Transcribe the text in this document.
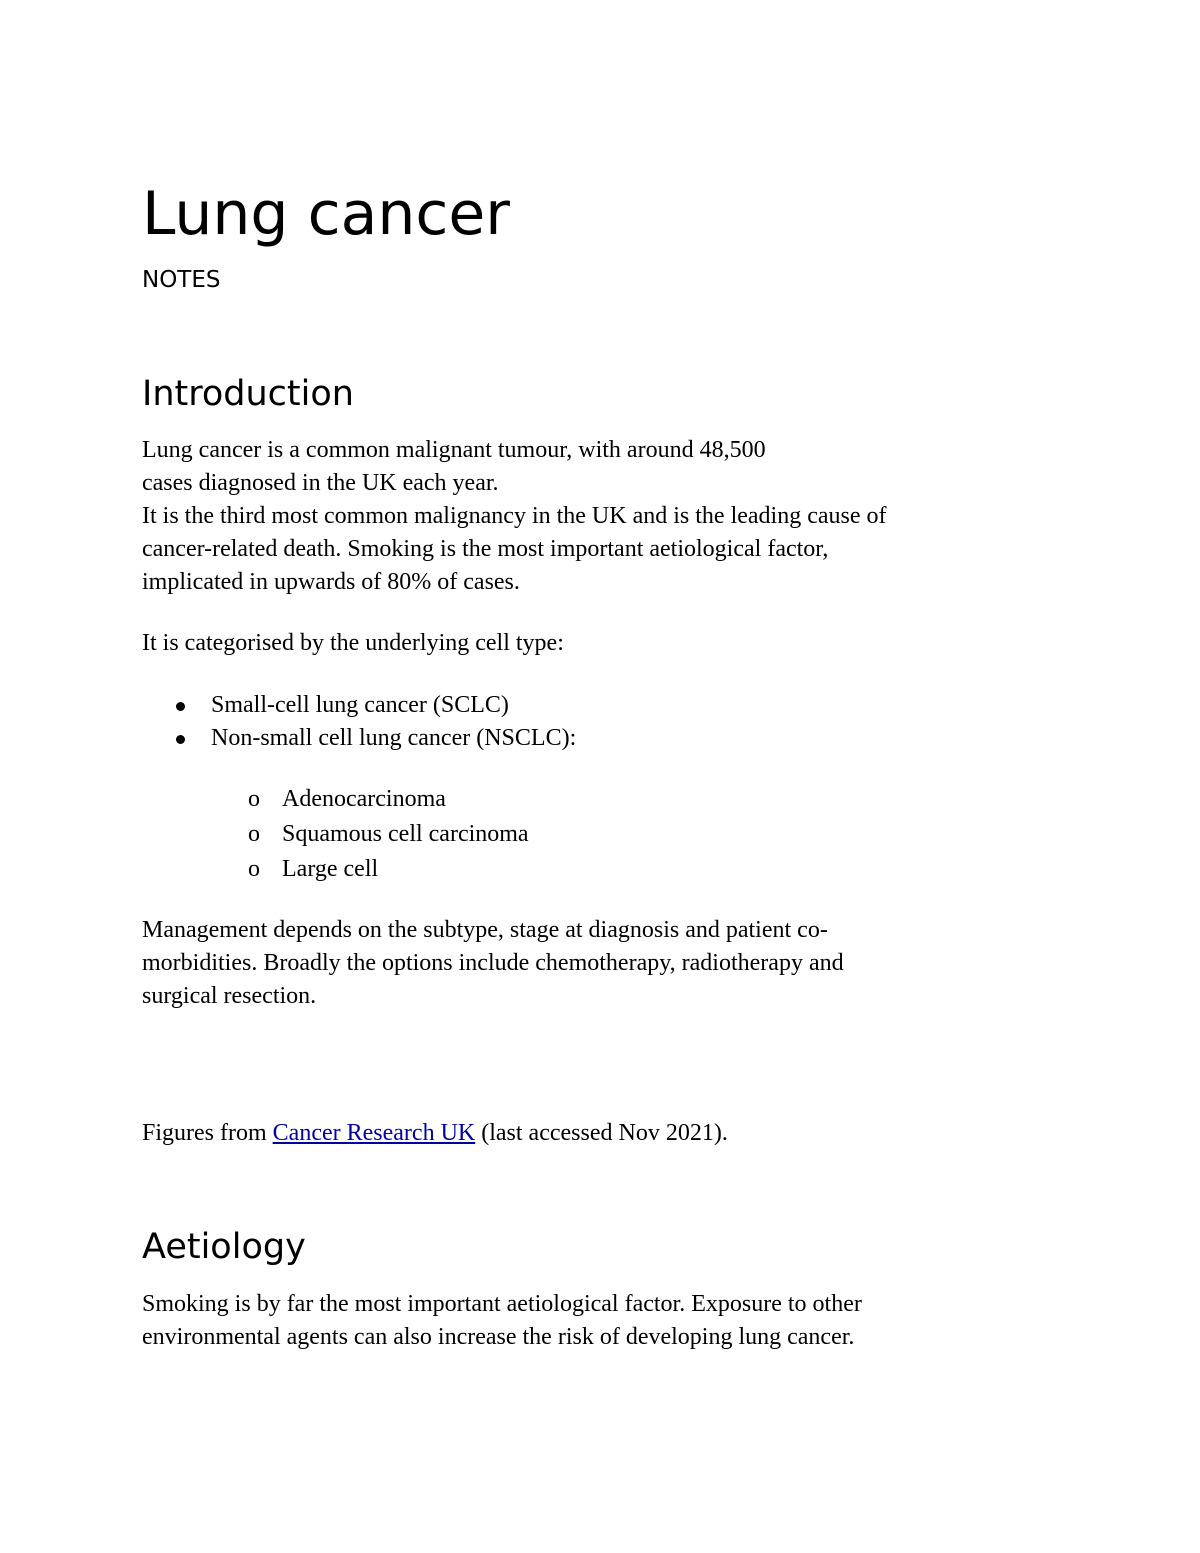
Lung cancer
NOTES
Introduction
Lung cancer is a common malignant tumour, with around 48,500
cases diagnosed in the UK each year.
It is the third most common malignancy in the UK and is the leading cause of
cancer-related death. Smoking is the most important aetiological factor,
implicated in upwards of 80% of cases.
It is categorised by the underlying cell type:
Small-cell lung cancer (SCLC)
Non-small cell lung cancer (NSCLC):
o Adenocarcinoma
o Squamous cell carcinoma
o Large cell
Management depends on the subtype, stage at diagnosis and patient co-
morbidities. Broadly the options include chemotherapy, radiotherapy and
surgical resection.
Figures from Cancer Research UK (last accessed Nov 2021).
Aetiology
Smoking is by far the most important aetiological factor. Exposure to other
environmental agents can also increase the risk of developing lung cancer.
